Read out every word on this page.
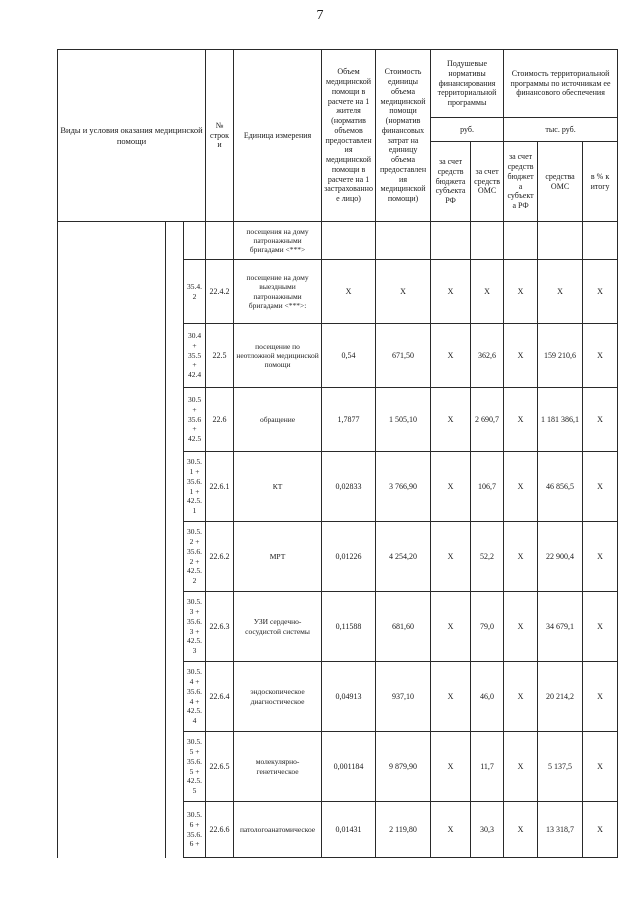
7
Виды и условия оказания медицинской помощи			№ строки	Единица измерения	Объем медицинской помощи в расчете на 1 жителя (норматив объемов предоставления медицинской помощи в расчете на 1 застрахованное лицо)	Стоимость единицы объема медицинской помощи (норматив финансовых затрат на единицу объема предоставления медицинской помощи)	Подушевые нормативы финансирования территориальной программы		Стоимость территориальной программы по источникам ее финансового обеспечения		
							руб.		тыс. руб.		
							за счет средств бюджета субъекта РФ	за счет средств ОМС	за счет средств бюджета субъекта РФ	средства ОМС	в % к итогу
				посещения на дому патронажными бригадами <***>							
		35.4.2	22.4.2	посещение на дому выездными патронажными бригадами <***>:	X	X	X	X	X	X	X
		30.4 + 35.5 + 42.4	22.5	посещение по неотложной медицинской помощи	0,54	671,50	X	362,6	X	159 210,6	X
		30.5 + 35.6 + 42.5	22.6	обращение	1,7877	1 505,10	X	2 690,7	X	1 181 386,1	X
		30.5.1 + 35.6.1 + 42.5.1	22.6.1	КТ	0,02833	3 766,90	X	106,7	X	46 856,5	X
		30.5.2 + 35.6.2 + 42.5.2	22.6.2	МРТ	0,01226	4 254,20	X	52,2	X	22 900,4	X
		30.5.3 + 35.6.3 + 42.5.3	22.6.3	УЗИ сердечно-сосудистой системы	0,11588	681,60	X	79,0	X	34 679,1	X
		30.5.4 + 35.6.4 + 42.5.4	22.6.4	эндоскопическое диагностическое	0,04913	937,10	X	46,0	X	20 214,2	X
		30.5.5 + 35.6.5 + 42.5.5	22.6.5	молекулярно-генетическое	0,001184	9 879,90	X	11,7	X	5 137,5	X
		30.5.6 + 35.6.6 +	22.6.6	патологоанатомическое	0,01431	2 119,80	X	30,3	X	13 318,7	X
